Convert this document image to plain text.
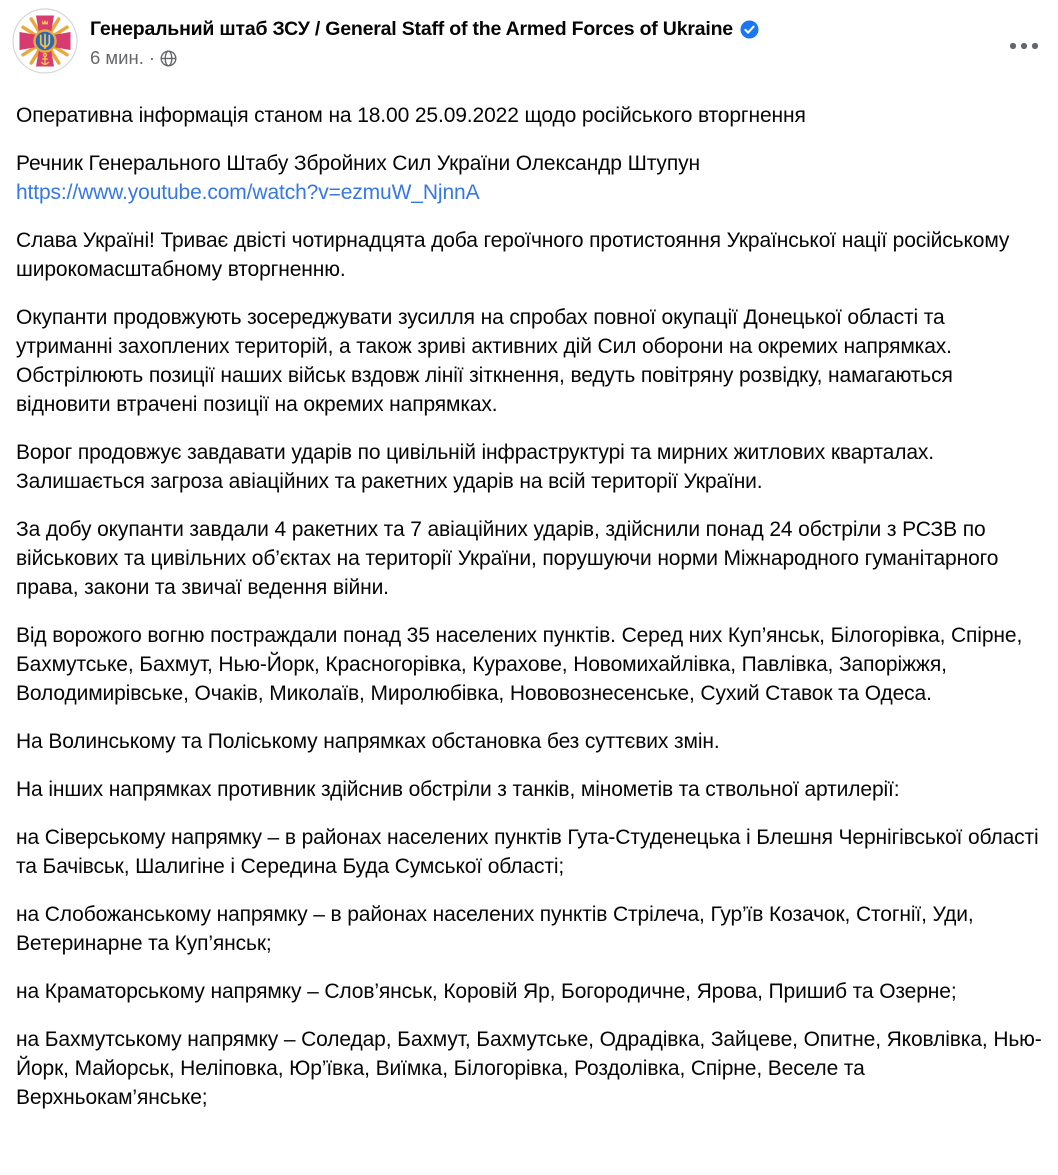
Генеральний штаб ЗСУ / General Staff of the Armed Forces of Ukraine
6 мин. ·

Оперативна інформація станом на 18.00 25.09.2022 щодо російського вторгнення

Речник Генерального Штабу Збройних Сил України Олександр Штупун
https://www.youtube.com/watch?v=ezmuW_NjnnA

Слава Україні! Триває двісті чотирнадцята доба героїчного протистояння Української нації російському широкомасштабному вторгненню.

Окупанти продовжують зосереджувати зусилля на спробах повної окупації Донецької області та утриманні захоплених територій, а також зриві активних дій Сил оборони на окремих напрямках. Обстрілюють позиції наших військ вздовж лінії зіткнення, ведуть повітряну розвідку, намагаються відновити втрачені позиції на окремих напрямках.

Ворог продовжує завдавати ударів по цивільній інфраструктурі та мирних житлових кварталах. Залишається загроза авіаційних та ракетних ударів на всій території України.

За добу окупанти завдали 4 ракетних та 7 авіаційних ударів, здійснили понад 24 обстріли з РСЗВ по військових та цивільних об’єктах на території України, порушуючи норми Міжнародного гуманітарного права, закони та звичаї ведення війни.

Від ворожого вогню постраждали понад 35 населених пунктів. Серед них Куп’янськ, Білогорівка, Спірне, Бахмутське, Бахмут, Нью-Йорк, Красногорівка, Курахове, Новомихайлівка, Павлівка, Запоріжжя, Володимирівське, Очаків, Миколаїв, Миролюбівка, Нововознесенське, Сухий Ставок та Одеса.

На Волинському та Поліському напрямках обстановка без суттєвих змін.

На інших напрямках противник здійснив обстріли з танків, мінометів та ствольної артилерії:

на Сіверському напрямку – в районах населених пунктів Гута-Студенецька і Блешня Чернігівської області та Бачівськ, Шалигіне і Середина Буда Сумської області;

на Слобожанському напрямку – в районах населених пунктів Стрілеча, Гур’їв Козачок, Стогнії, Уди, Ветеринарне та Куп’янськ;

на Краматорському напрямку – Слов’янськ, Коровій Яр, Богородичне, Ярова, Пришиб та Озерне;

на Бахмутському напрямку – Соледар, Бахмут, Бахмутське, Одрадівка, Зайцеве, Опитне, Яковлівка, Нью-Йорк, Майорськ, Неліповка, Юр’ївка, Виїмка, Білогорівка, Роздолівка, Спірне, Веселе та Верхньокам’янське;
